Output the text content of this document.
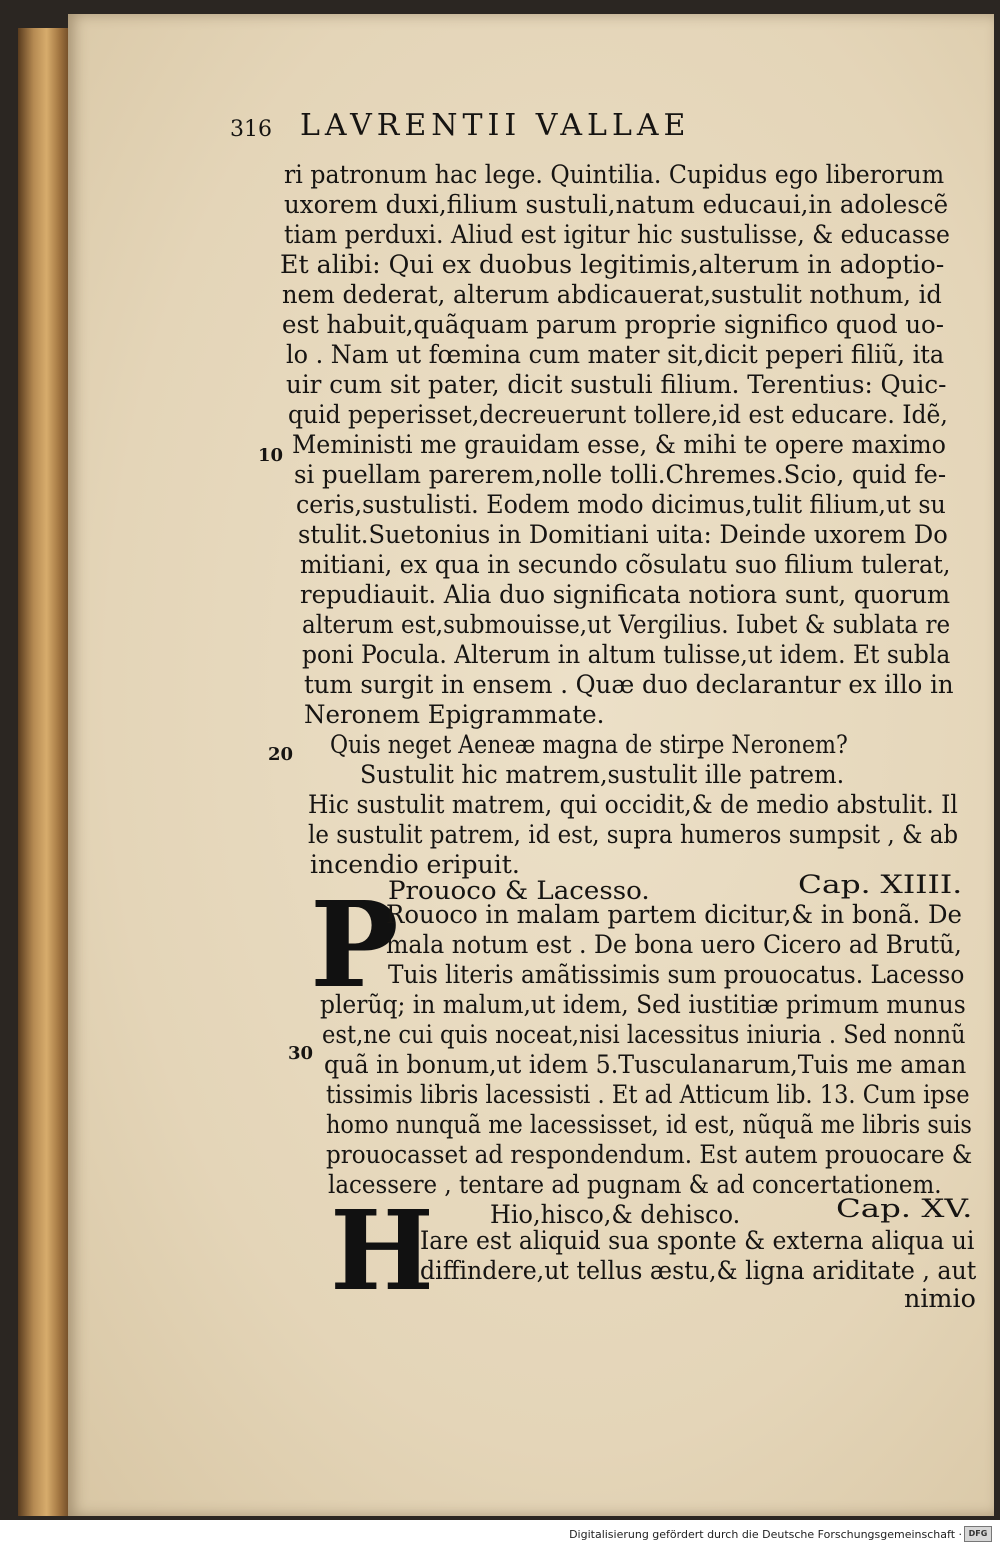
316 LAVRENTII VALLAE
10
20
30
ri patronum hac lege. Quintilia. Cupidus ego liberorum
uxorem duxi,filium sustuli,natum educaui,in adolescẽ
tiam perduxi. Aliud est igitur hic sustulisse, & educasse
Et alibi: Qui ex duobus legitimis,alterum in adoptio-
nem dederat, alterum abdicauerat,sustulit nothum, id
est habuit,quãquam parum proprie significo quod uo-
lo . Nam ut fœmina cum mater sit,dicit peperi filiũ, ita
uir cum sit pater, dicit sustuli filium. Terentius: Quic-
quid peperisset,decreuerunt tollere,id est educare. Idẽ,
Meministi me grauidam esse, & mihi te opere maximo
si puellam parerem,nolle tolli.Chremes.Scio, quid fe-
ceris,sustulisti. Eodem modo dicimus,tulit filium,ut su
stulit.Suetonius in Domitiani uita: Deinde uxorem Do
mitiani, ex qua in secundo cõsulatu suo filium tulerat,
repudiauit. Alia duo significata notiora sunt, quorum
alterum est,submouisse,ut Vergilius. Iubet & sublata re
poni Pocula. Alterum in altum tulisse,ut idem. Et subla
tum surgit in ensem . Quæ duo declarantur ex illo in
Neronem Epigrammate.
Quis neget Aeneæ magna de stirpe Neronem?
Sustulit hic matrem,sustulit ille patrem.
Hic sustulit matrem, qui occidit,& de medio abstulit. Il
le sustulit patrem, id est, supra humeros sumpsit , & ab
incendio eripuit.
Prouoco & Lacesso.	Cap. XIIII.
P
Rouoco in malam partem dicitur,& in bonã. De
mala notum est . De bona uero Cicero ad Brutũ,
Tuis literis amãtissimis sum prouocatus. Lacesso
plerũq; in malum,ut idem, Sed iustitiæ primum munus
est,ne cui quis noceat,nisi lacessitus iniuria . Sed nonnũ
quã in bonum,ut idem 5.Tusculanarum,Tuis me aman
tissimis libris lacessisti . Et ad Atticum lib. 13. Cum ipse
homo nunquã me lacessisset, id est, nũquã me libris suis
prouocasset ad respondendum. Est autem prouocare &
lacessere , tentare ad pugnam & ad concertationem.
Hio,hisco,& dehisco.	Cap. XV.
H
Iare est aliquid sua sponte & externa aliqua ui
diffindere,ut tellus æstu,& ligna ariditate , aut
nimio
Digitalisierung gefördert durch die Deutsche Forschungsgemeinschaft · DFG
